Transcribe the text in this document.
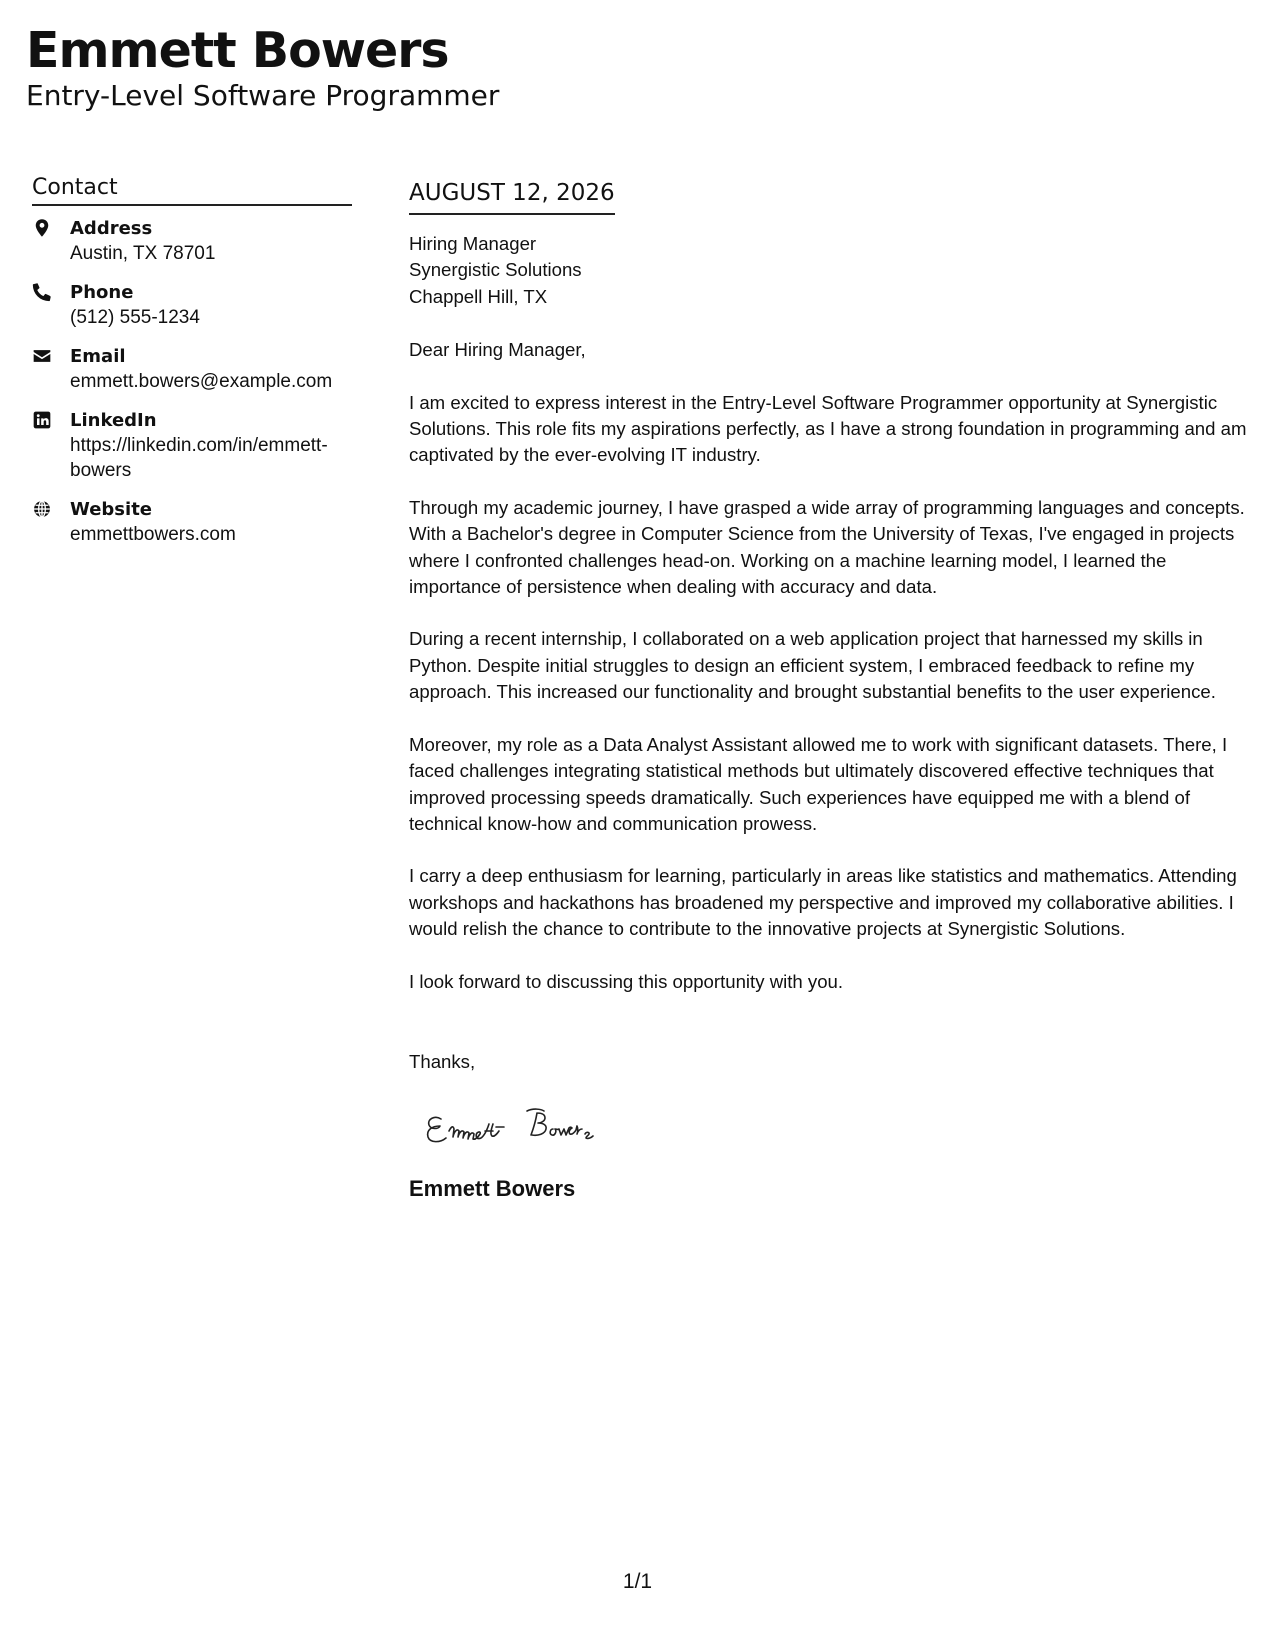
Emmett Bowers
Entry-Level Software Programmer
Contact
Address
Austin, TX 78701
Phone
(512) 555-1234
Email
emmett.bowers@example.com
LinkedIn
https://linkedin.com/in/emmett-bowers
Website
emmettbowers.com
AUGUST 12, 2026
Hiring Manager
Synergistic Solutions
Chappell Hill, TX
Dear Hiring Manager,
I am excited to express interest in the Entry-Level Software Programmer opportunity at Synergistic Solutions. This role fits my aspirations perfectly, as I have a strong foundation in programming and am captivated by the ever-evolving IT industry.
Through my academic journey, I have grasped a wide array of programming languages and concepts. With a Bachelor's degree in Computer Science from the University of Texas, I've engaged in projects where I confronted challenges head-on. Working on a machine learning model, I learned the importance of persistence when dealing with accuracy and data.
During a recent internship, I collaborated on a web application project that harnessed my skills in Python. Despite initial struggles to design an efficient system, I embraced feedback to refine my approach. This increased our functionality and brought substantial benefits to the user experience.
Moreover, my role as a Data Analyst Assistant allowed me to work with significant datasets. There, I faced challenges integrating statistical methods but ultimately discovered effective techniques that improved processing speeds dramatically. Such experiences have equipped me with a blend of technical know-how and communication prowess.
I carry a deep enthusiasm for learning, particularly in areas like statistics and mathematics. Attending workshops and hackathons has broadened my perspective and improved my collaborative abilities. I would relish the chance to contribute to the innovative projects at Synergistic Solutions.
I look forward to discussing this opportunity with you.
Thanks,
Emmett Bowers
1/1
